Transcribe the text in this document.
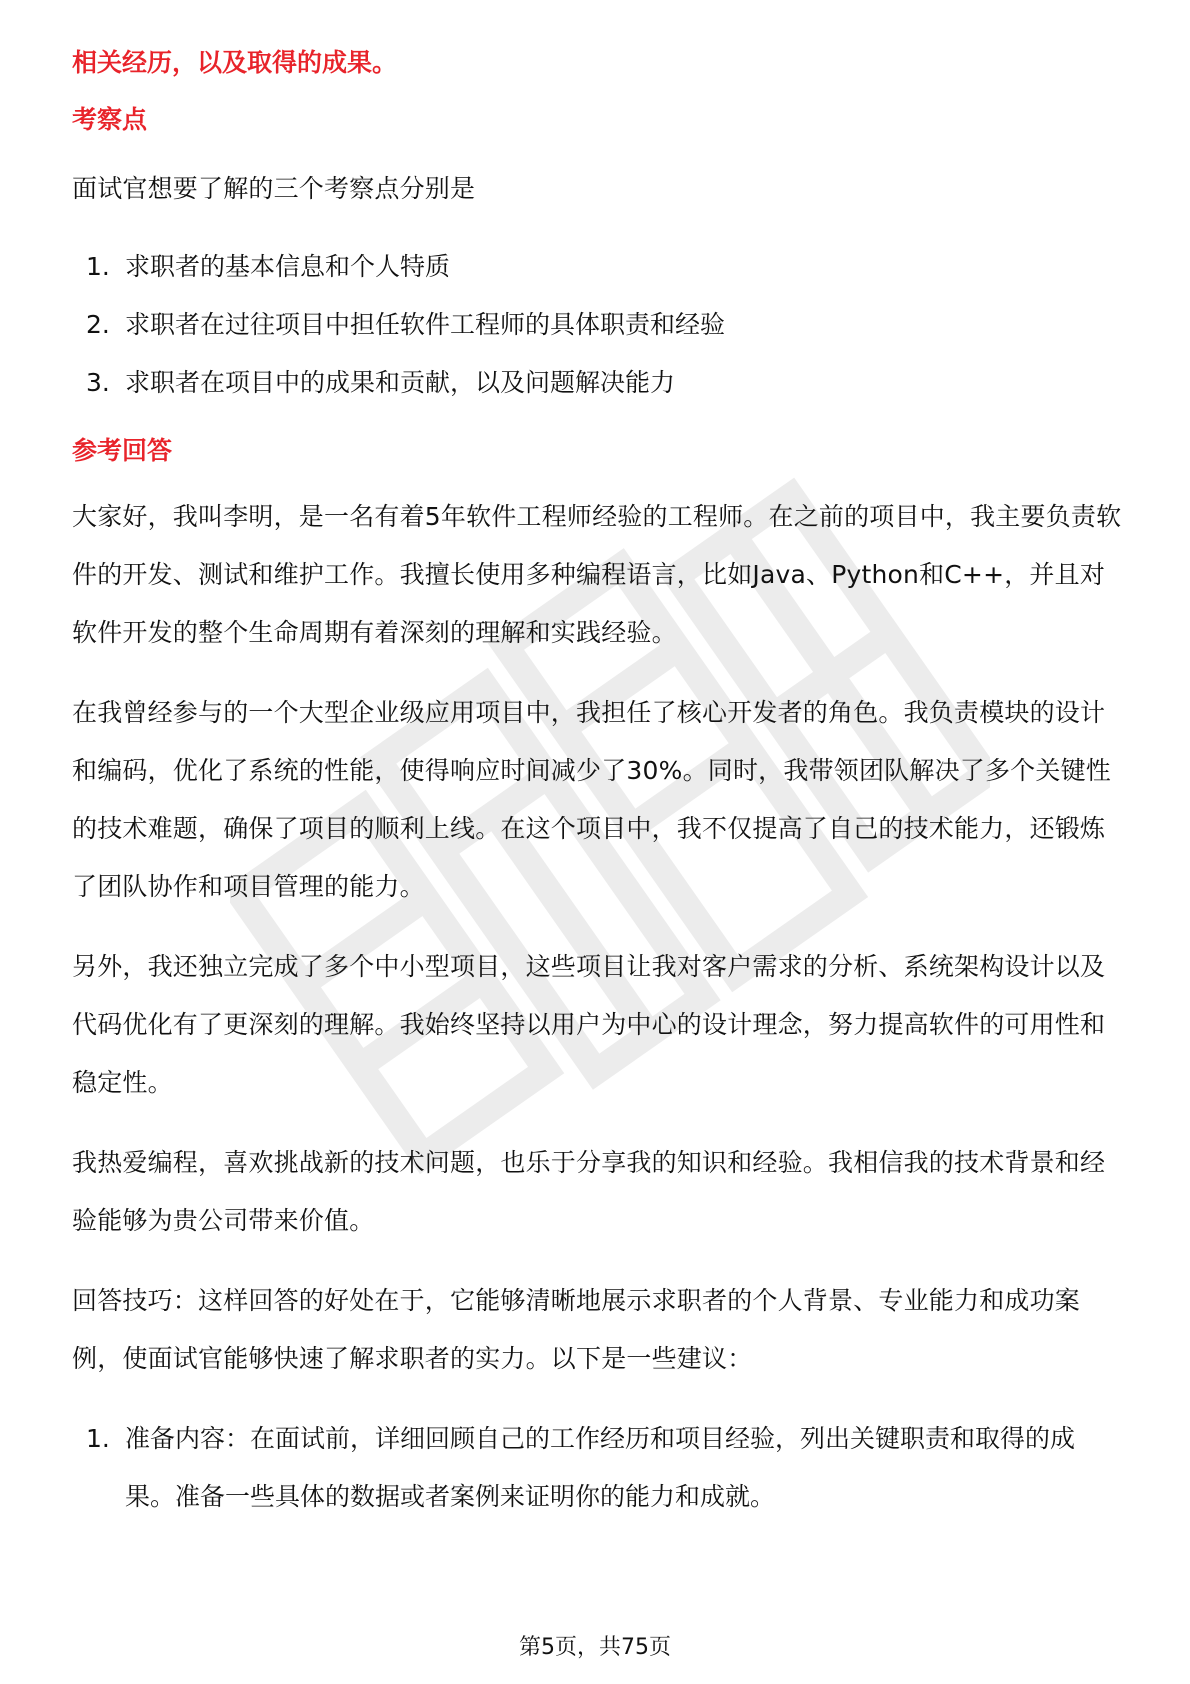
相关经历，以及取得的成果。

考察点

面试官想要了解的三个考察点分别是

1. 求职者的基本信息和个人特质
2. 求职者在过往项目中担任软件工程师的具体职责和经验
3. 求职者在项目中的成果和贡献，以及问题解决能力

参考回答

大家好，我叫李明，是一名有着5年软件工程师经验的工程师。在之前的项目中，我主要负责软件的开发、测试和维护工作。我擅长使用多种编程语言，比如Java、Python和C++，并且对软件开发的整个生命周期有着深刻的理解和实践经验。

在我曾经参与的一个大型企业级应用项目中，我担任了核心开发者的角色。我负责模块的设计和编码，优化了系统的性能，使得响应时间减少了30%。同时，我带领团队解决了多个关键性的技术难题，确保了项目的顺利上线。在这个项目中，我不仅提高了自己的技术能力，还锻炼了团队协作和项目管理的能力。

另外，我还独立完成了多个中小型项目，这些项目让我对客户需求的分析、系统架构设计以及代码优化有了更深刻的理解。我始终坚持以用户为中心的设计理念，努力提高软件的可用性和稳定性。

我热爱编程，喜欢挑战新的技术问题，也乐于分享我的知识和经验。我相信我的技术背景和经验能够为贵公司带来价值。

回答技巧：这样回答的好处在于，它能够清晰地展示求职者的个人背景、专业能力和成功案例，使面试官能够快速了解求职者的实力。以下是一些建议：

1. 准备内容：在面试前，详细回顾自己的工作经历和项目经验，列出关键职责和取得的成果。准备一些具体的数据或者案例来证明你的能力和成就。
第5页，共75页
